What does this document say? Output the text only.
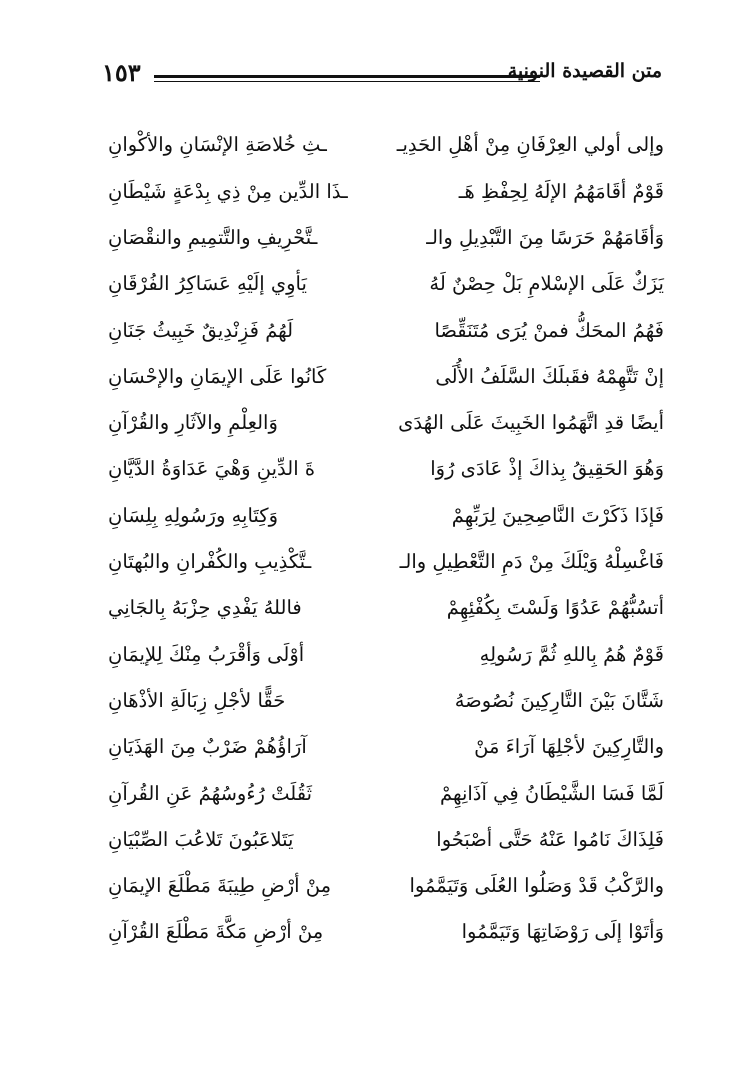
١٥٣	متن القصيدة النونية
وإلى أولي العِرْفَانِ مِنْ أهْلِ الحَدِيـ
ـثِ خُلاصَةِ الإنْسَانِ والأكْوانِ
قَوْمٌ أقَامَهُمُ الإلَهُ لِحِفْظِ هَـ
ـذَا الدِّين مِنْ ذِي بِدْعَةٍ شَيْطَانِ
وَأقَامَهُمْ حَرَسًا مِنَ التَّبْدِيلِ والـ
ـتَّحْرِيفِ والتَّتمِيمِ والنقْصَانِ
يَزَكٌ عَلَى الإسْلامِ بَلْ حِصْنٌ لَهُ
يَأوِي إلَيْهِ عَسَاكِرُ الفُرْقَانِ
فَهُمُ المحَكُّ فمنْ يُرَى مُتَنَقِّصًا
لَهُمُ فَزِنْدِيقٌ خَبِيثُ جَنَانِ
إنْ تَتَّهِمْهُ فقَبلَكَ السَّلَفُ الأُلَى
كَانُوا عَلَى الإيمَانِ والإحْسَانِ
أيضًا قدِ اتَّهَمُوا الخَبِيثَ عَلَى الهُدَى
وَالعِلْمِ والآثَارِ والقُرْآنِ
وَهُوَ الحَقِيقُ بِذاكَ إذْ عَادَى رُوَا
ةَ الدِّينِ وَهْيَ عَدَاوَةُ الدَّيَّانِ
فَإذَا ذَكَرْتَ النَّاصِحِينَ لِرَبِّهِمْ
وَكِتَابِهِ ورَسُولِهِ بِلِسَانِ
فَاغْسِلْهُ وَيْلَكَ مِنْ دَمِ التَّعْطِيلِ والـ
ـتَّكْذِيبِ والكُفْرانِ والبُهتَانِ
أتسُبُّهُمْ عَدُوًا وَلَسْتَ بِكُفْئِهِمْ
فاللهُ يَفْدِي حِزْبَهُ بِالجَانِي
قَوْمٌ هُمُ بِاللهِ ثُمَّ رَسُولِهِ
أوْلَى وَأقْرَبُ مِنْكَ لِلإيمَانِ
شَتَّانَ بَيْنَ التَّارِكِينَ نُصُوصَهُ
حَقًّا لأجْلِ زِبَالَةِ الأذْهَانِ
والتَّارِكِينَ لأجْلِهَا آرَاءَ مَنْ
آرَاؤُهُمْ ضَرْبٌ مِنَ الهَذَيَانِ
لَمَّا فَسَا الشَّيْطَانُ فِي آذَانِهِمْ
ثَقُلَتْ رُءُوسُهُمُ عَنِ القُرآنِ
فَلِذَاكَ نَامُوا عَنْهُ حَتَّى أصْبَحُوا
يَتَلاعَبُونَ تَلاعُبَ الصِّبْيَانِ
والرَّكْبُ قَدْ وَصَلُوا العُلَى وَتَيَمَّمُوا
مِنْ أرْضِ طِيبَةَ مَطْلَعَ الإيمَانِ
وَأتَوْا إلَى رَوْضَاتِهَا وَتَيَمَّمُوا
مِنْ أرْضِ مَكَّةَ مَطْلَعَ القُرْآنِ
